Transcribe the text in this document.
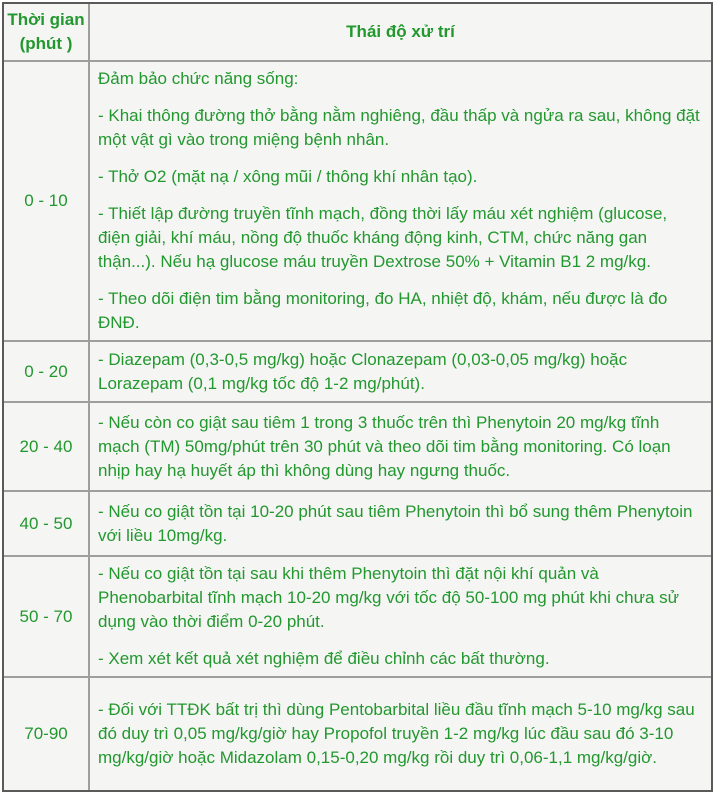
Thời gian
(phút )	Thái độ xử trí
0 - 10	Đảm bảo chức năng sống:

- Khai thông đường thở bằng nằm nghiêng, đầu thấp và ngửa ra sau, không đặt một vật gì vào trong miệng bệnh nhân.

- Thở O2 (mặt nạ / xông mũi / thông khí nhân tạo).

- Thiết lập đường truyền tĩnh mạch, đồng thời lấy máu xét nghiệm (glucose, điện giải, khí máu, nồng độ thuốc kháng động kinh, CTM, chức năng gan thận...). Nếu hạ glucose máu truyền Dextrose 50% + Vitamin B1 2 mg/kg.

- Theo dõi điện tim bằng monitoring, đo HA, nhiệt độ, khám, nếu được là đo ĐNĐ.

0 - 20	- Diazepam (0,3-0,5 mg/kg) hoặc Clonazepam (0,03-0,05 mg/kg) hoặc Lorazepam (0,1 mg/kg tốc độ 1-2 mg/phút).

20 - 40	- Nếu còn co giật sau tiêm 1 trong 3 thuốc trên thì Phenytoin 20 mg/kg tĩnh mạch (TM) 50mg/phút trên 30 phút và theo dõi tim bằng monitoring. Có loạn nhịp hay hạ huyết áp thì không dùng hay ngưng thuốc.

40 - 50	- Nếu co giật tồn tại 10-20 phút sau tiêm Phenytoin thì bổ sung thêm Phenytoin với liều 10mg/kg.

50 - 70	- Nếu co giật tồn tại sau khi thêm Phenytoin thì đặt nội khí quản và Phenobarbital tĩnh mạch 10-20 mg/kg với tốc độ 50-100 mg phút khi chưa sử dụng vào thời điểm 0-20 phút.

- Xem xét kết quả xét nghiệm để điều chỉnh các bất thường.

70-90	- Đối với TTĐK bất trị thì dùng Pentobarbital liều đầu tĩnh mạch 5-10 mg/kg sau đó duy trì 0,05 mg/kg/giờ hay Propofol truyền 1-2 mg/kg lúc đầu sau đó 3-10 mg/kg/giờ hoặc Midazolam 0,15-0,20 mg/kg rồi duy trì 0,06-1,1 mg/kg/giờ.
